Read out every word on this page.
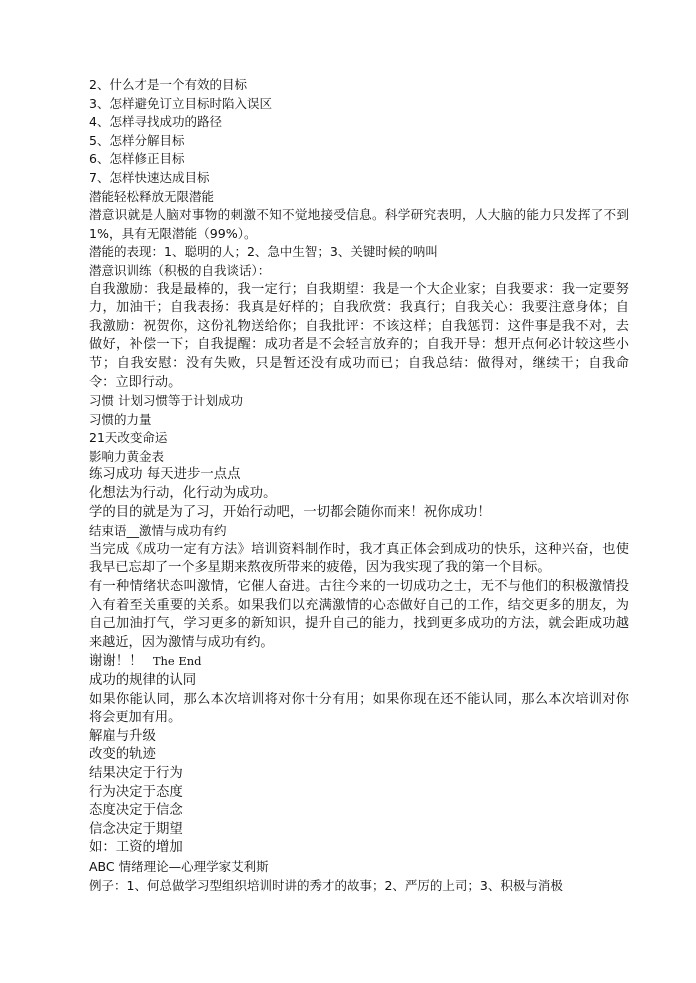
2、什么才是一个有效的目标

3、怎样避免订立目标时陷入误区

4、怎样寻找成功的路径

5、怎样分解目标

6、怎样修正目标

7、怎样快速达成目标

潜能轻松释放无限潜能

潜意识就是人脑对事物的刺激不知不觉地接受信息。科学研究表明，人大脑的能力只发挥了不到1%，具有无限潜能（99%）。

潜能的表现：1、聪明的人；2、急中生智；3、关键时候的呐叫

潜意识训练（积极的自我谈话）：

自我激励：我是最棒的，我一定行；自我期望：我是一个大企业家；自我要求：我一定要努力，加油干；自我表扬：我真是好样的；自我欣赏：我真行；自我关心：我要注意身体；自我激励：祝贺你，这份礼物送给你；自我批评：不该这样；自我惩罚：这件事是我不对，去做好，补偿一下；自我提醒：成功者是不会轻言放弃的；自我开导：想开点何必计较这些小节；自我安慰：没有失败，只是暂还没有成功而已；自我总结：做得对，继续干；自我命令：立即行动。

习惯 计划习惯等于计划成功

习惯的力量

21天改变命运

影响力黄金表

练习成功 每天进步一点点

化想法为行动，化行动为成功。

学的目的就是为了习，开始行动吧，一切都会随你而来！祝你成功！

结束语__激情与成功有约

当完成《成功一定有方法》培训资料制作时，我才真正体会到成功的快乐，这种兴奋，也使我早已忘却了一个多星期来熬夜所带来的疲倦，因为我实现了我的第一个目标。

有一种情绪状态叫激情，它催人奋进。古往今来的一切成功之士，无不与他们的积极激情投入有着至关重要的关系。如果我们以充满激情的心态做好自己的工作，结交更多的朋友，为自己加油打气，学习更多的新知识，提升自己的能力，找到更多成功的方法，就会距成功越来越近，因为激情与成功有约。

谢谢！！ The End

成功的规律的认同

如果你能认同，那么本次培训将对你十分有用；如果你现在还不能认同，那么本次培训对你将会更加有用。

解雇与升级

改变的轨迹

结果决定于行为

行为决定于态度

态度决定于信念

信念决定于期望

如：工资的增加

ABC 情绪理论—心理学家艾利斯

例子：1、何总做学习型组织培训时讲的秀才的故事；2、严厉的上司；3、积极与消极
